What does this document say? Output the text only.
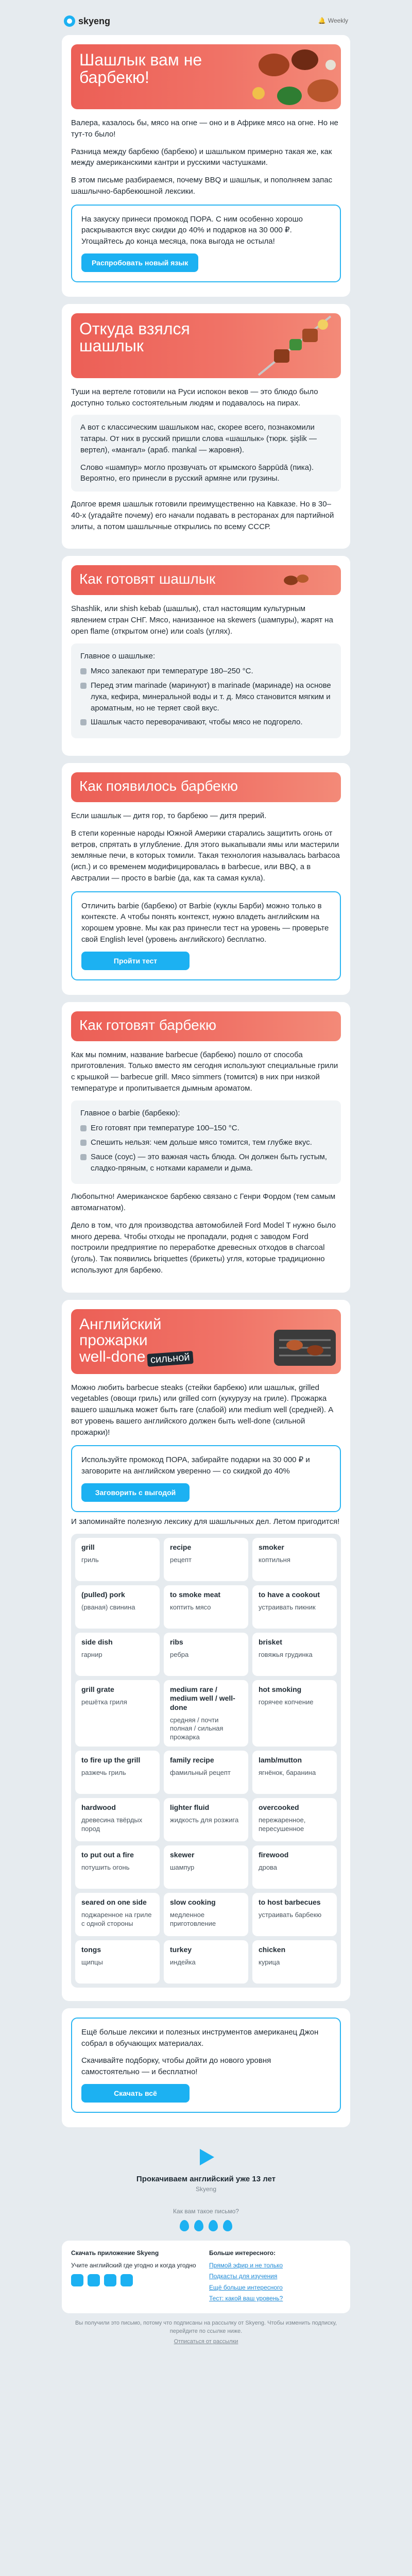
skyeng	🔔 Weekly
Шашлык вам не барбекю!

Валера, казалось бы, мясо на огне — оно и в Африке мясо на огне. Но не тут-то было!

Разница между барбекю (барбекю) и шашлыком примерно такая же, как между американскими кантри и русскими частушками.

В этом письме разбираемся, почему BBQ и шашлык, и пополняем запас шашлычно-барбекюшной лексики.

На закуску принеси промокод ПОРА. С ним особенно хорошо раскрываются вкус скидки до 40% и подарков на 30 000 ₽. Угощайтесь до конца месяца, пока выгода не остыла!

Распробовать новый язык
Откуда взялся шашлык

Туши на вертеле готовили на Руси испокон веков — это блюдо было доступно только состоятельным людям и подавалось на пирах.

А вот с классическим шашлыком нас, скорее всего, познакомили татары. От них в русский пришли слова «шашлык» (тюрк. şişlik — вертел), «мангал» (араб. mankal — жаровня).

Слово «шампур» могло прозвучать от крымского šappūdā (пика). Вероятно, его принесли в русский армяне или грузины.

Долгое время шашлык готовили преимущественно на Кавказе. Но в 30–40-х (угадайте почему) его начали подавать в ресторанах для партийной элиты, а потом шашлычные открылись по всему СССР.

Как готовят шашлык

Shashlik, или shish kebab (шашлык), стал настоящим культурным явлением стран СНГ. Мясо, нанизанное на skewers (шампуры), жарят на open flame (открытом огне) или coals (углях).

Главное о шашлыке:
Мясо запекают при температуре 180–250 °C.
Перед этим marinade (маринуют) в marinade (маринаде) на основе лука, кефира, минеральной воды и т. д. Мясо становится мягким и ароматным, но не теряет свой вкус.
Шашлык часто переворачивают, чтобы мясо не подгорело.
Как появилось барбекю

Если шашлык — дитя гор, то барбекю — дитя прерий.

В степи коренные народы Южной Америки старались защитить огонь от ветров, спрятать в углубление. Для этого выкапывали ямы или мастерили земляные печи, в которых томили. Такая технология называлась barbacoa (исп.) и со временем модифицировалась в barbecue, или BBQ, а в Австралии — просто в barbie (да, как та самая кукла).

Отличить barbie (барбекю) от Barbie (куклы Барби) можно только в контексте. А чтобы понять контекст, нужно владеть английским на хорошем уровне. Мы как раз принесли тест на уровень — проверьте свой English level (уровень английского) бесплатно.

Пройти тест
Как готовят барбекю

Как мы помним, название barbecue (барбекю) пошло от способа приготовления. Только вместо ям сегодня используют специальные грили с крышкой — barbecue grill. Мясо simmers (томится) в них при низкой температуре и пропитывается дымным ароматом.

Главное о barbie (барбекю):
Его готовят при температуре 100–150 °C.
Спешить нельзя: чем дольше мясо томится, тем глубже вкус.
Sauce (соус) — это важная часть блюда. Он должен быть густым, сладко-пряным, с нотками карамели и дыма.

Любопытно! Американское барбекю связано с Генри Фордом (тем самым автомагнатом).

Дело в том, что для производства автомобилей Ford Model T нужно было много дерева. Чтобы отходы не пропадали, родня с заводом Ford построили предприятие по переработке древесных отходов в charcoal (уголь). Так появились briquettes (брикеты) угля, которые традиционно используют для барбекю.

Английский
прожарки
well-done сильной

Можно любить barbecue steaks (стейки барбекю) или шашлык, grilled vegetables (овощи гриль) или grilled corn (кукурузу на гриле). Прожарка вашего шашлыка может быть rare (слабой) или medium well (средней). А вот уровень вашего английского должен быть well-done (сильной прожарки)!

Используйте промокод ПОРА, забирайте подарки на 30 000 ₽ и заговорите на английском уверенно — со скидкой до 40%

Заговорить с выгодой

И запоминайте полезную лексику для шашлычных дел. Летом пригодится!

grill
гриль
recipe
рецепт
smoker
коптильня
(pulled) pork
(рваная) свинина
to smoke meat
коптить мясо
to have a cookout
устраивать пикник
side dish
гарнир
ribs
ребра
brisket
говяжья грудинка
grill grate
решётка гриля
medium rare / medium well / well-done
средняя / почти полная / сильная прожарка
hot smoking
горячее копчение
to fire up the grill
разжечь гриль
family recipe
фамильный рецепт
lamb/mutton
ягнёнок, баранина
hardwood
древесина твёрдых пород
lighter fluid
жидкость для розжига
overcooked
пережаренное, пересушенное
to put out a fire
потушить огонь
skewer
шампур
firewood
дрова
seared on one side
поджаренное на гриле с одной стороны
slow cooking
медленное приготовление
to host barbecues
устраивать барбекю
tongs
щипцы
turkey
индейка
chicken
курица

Ещё больше лексики и полезных инструментов американец Джон собрал в обучающих материалах.

Скачивайте подборку, чтобы дойти до нового уровня самостоятельно — и бесплатно!

Скачать всё
Прокачиваем английский уже 13 лет
Skyeng
Как вам такое письмо?
Скачать приложение Skyeng
Учите английский где угодно и когда угодно
Больше интересного:
Прямой эфир и не только
Подкасты для изучения
Ещё больше интересного
Тест: какой ваш уровень?
Вы получили это письмо, потому что подписаны на рассылку от Skyeng. Чтобы изменить подписку, перейдите по ссылке ниже.
Отписаться от рассылки
